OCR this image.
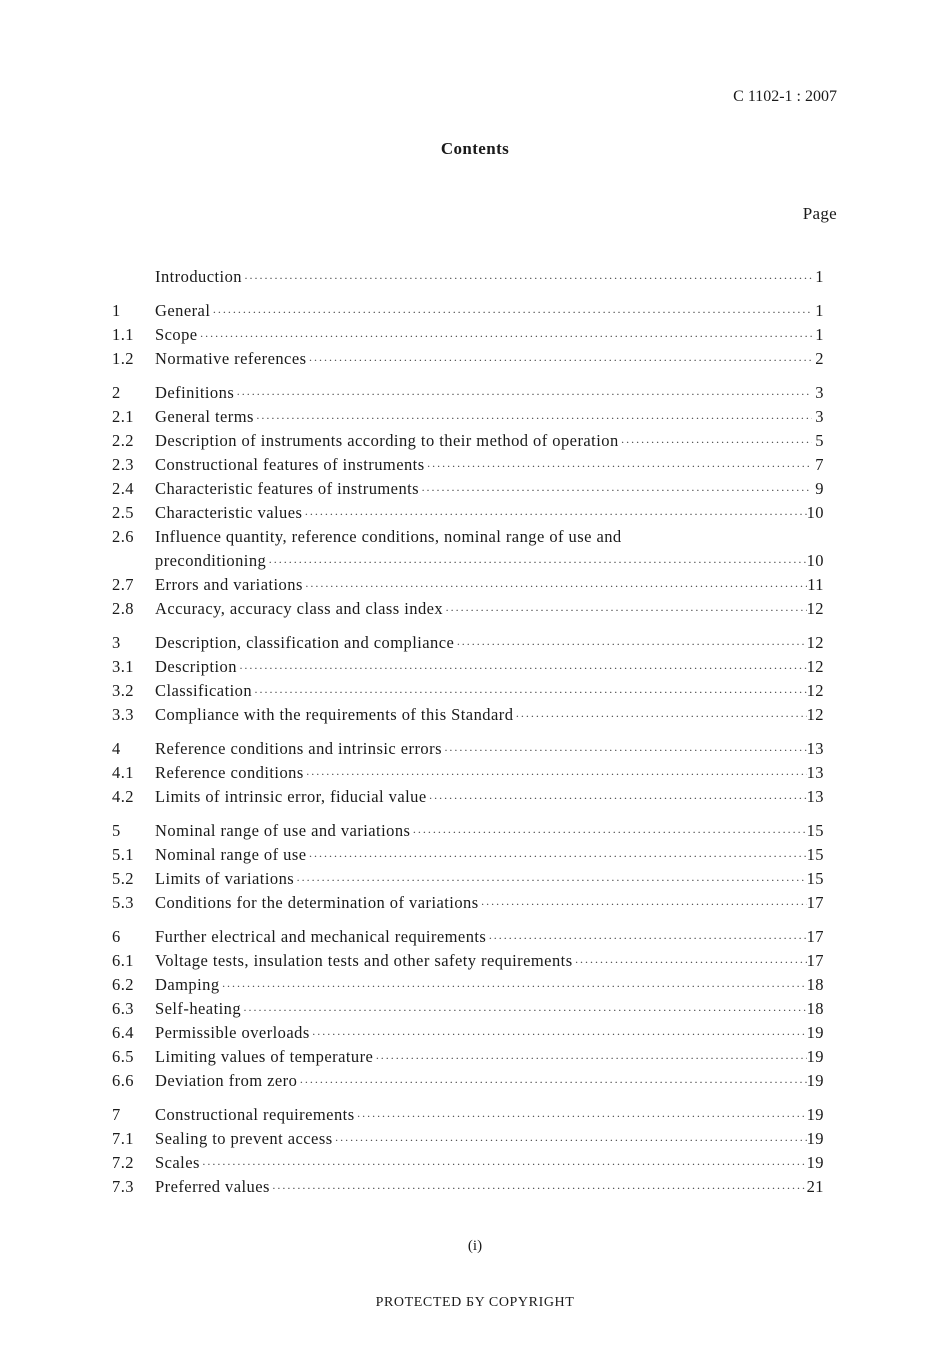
C 1102-1 : 2007
Contents
Page
Introduction ·····	1
1	General ·····	1
1.1	Scope ·····	1
1.2	Normative references ·····	2
2	Definitions ·····	3
2.1	General terms ·····	3
2.2	Description of instruments according to their method of operation ·····	5
2.3	Constructional features of instruments ·····	7
2.4	Characteristic features of instruments ·····	9
2.5	Characteristic values ·····	10
2.6	Influence quantity, reference conditions, nominal range of use and
preconditioning ·····	10
2.7	Errors and variations ·····	11
2.8	Accuracy, accuracy class and class index ·····	12
3	Description, classification and compliance ·····	12
3.1	Description ·····	12
3.2	Classification ·····	12
3.3	Compliance with the requirements of this Standard ·····	12
4	Reference conditions and intrinsic errors ·····	13
4.1	Reference conditions ·····	13
4.2	Limits of intrinsic error, fiducial value ·····	13
5	Nominal range of use and variations ·····	15
5.1	Nominal range of use ·····	15
5.2	Limits of variations ·····	15
5.3	Conditions for the determination of variations ·····	17
6	Further electrical and mechanical requirements ·····	17
6.1	Voltage tests, insulation tests and other safety requirements ·····	17
6.2	Damping ·····	18
6.3	Self-heating ·····	18
6.4	Permissible overloads ·····	19
6.5	Limiting values of temperature ·····	19
6.6	Deviation from zero ·····	19
7	Constructional requirements ·····	19
7.1	Sealing to prevent access ·····	19
7.2	Scales ·····	19
7.3	Preferred values ·····	21
(i)
PROTECTED БY COPYRIGHT
